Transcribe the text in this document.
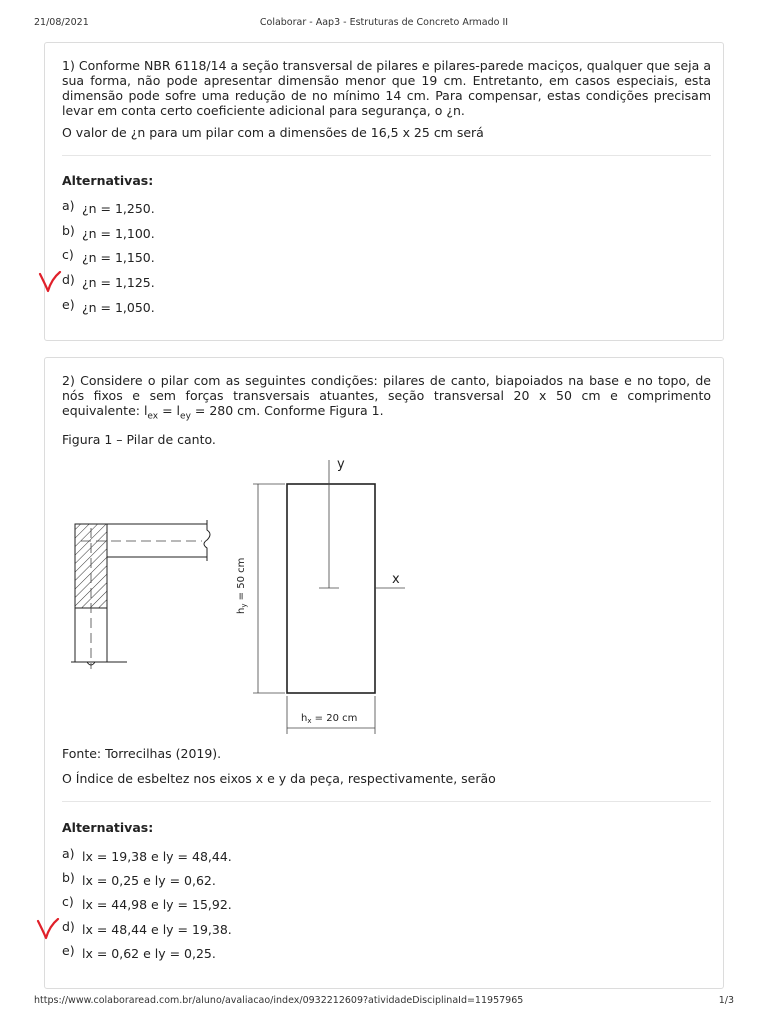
21/08/2021	Colaborar - Aap3 - Estruturas de Concreto Armado II

1) Conforme NBR 6118/14 a seção transversal de pilares e pilares-parede maciços, qualquer que seja a sua forma, não pode apresentar dimensão menor que 19 cm. Entretanto, em casos especiais, esta dimensão pode sofre uma redução de no mínimo 14 cm. Para compensar, estas condições precisam levar em conta certo coeficiente adicional para segurança, o ¿n.

O valor de ¿n para um pilar com a dimensões de 16,5 x 25 cm será

Alternativas:
a) ¿n = 1,250.
b) ¿n = 1,100.
c) ¿n = 1,150.
d) ¿n = 1,125.
e) ¿n = 1,050.

2) Considere o pilar com as seguintes condições: pilares de canto, biapoiados na base e no topo, de nós fixos e sem forças transversais atuantes, seção transversal 20 x 50 cm e comprimento equivalente: $l_{ex} = l_{ey} = 280$ cm. Conforme Figura 1.

Figura 1 – Pilar de canto.

y
x
$h_y = 50$ cm
$h_x = 20$ cm
Fonte: Torrecilhas (2019).
O Índice de esbeltez nos eixos x e y da peça, respectivamente, serão
Alternativas:
a) lx = 19,38 e ly = 48,44.
b) lx = 0,25 e ly = 0,62.
c) lx = 44,98 e ly = 15,92.
d) lx = 48,44 e ly = 19,38.
e) lx = 0,62 e ly = 0,25.
https://www.colaboraread.com.br/aluno/avaliacao/index/0932212609?atividadeDisciplinaId=11957965	1/3
